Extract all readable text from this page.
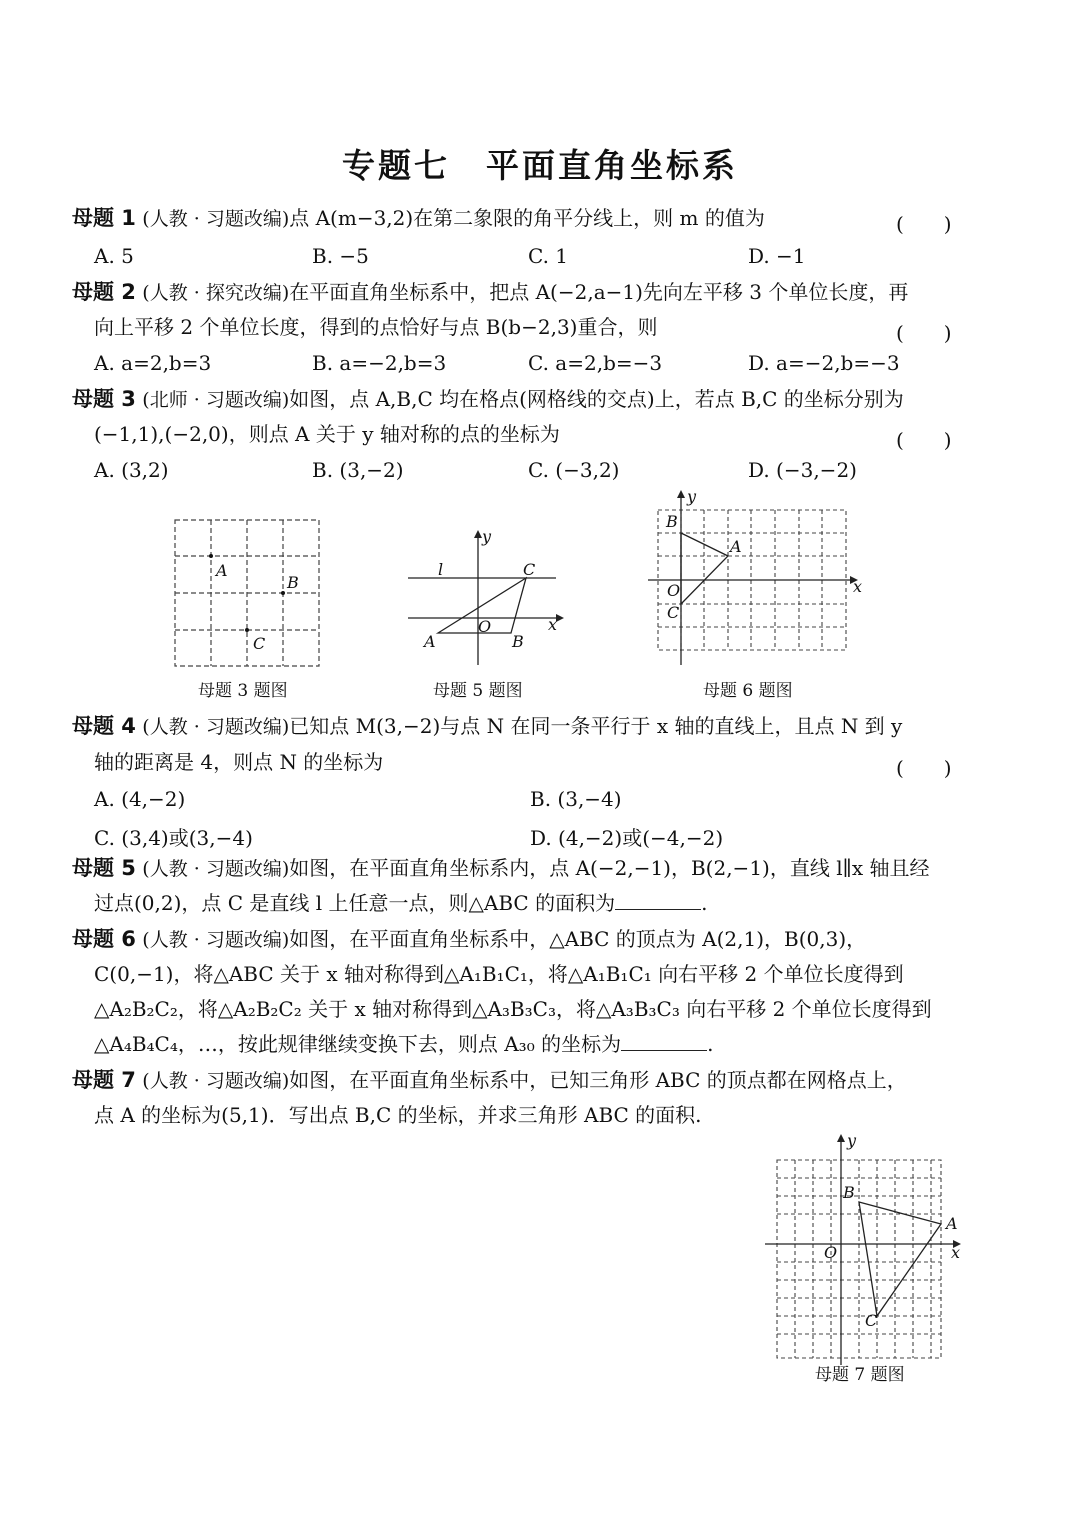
专题七　平面直角坐标系
母题 1 (人教 · 习题改编)点 A(m−3,2)在第二象限的角平分线上，则 m 的值为	(　　)
A. 5	B. −5	C. 1	D. −1
母题 2 (人教 · 探究改编)在平面直角坐标系中，把点 A(−2,a−1)先向左平移 3 个单位长度，再
向上平移 2 个单位长度，得到的点恰好与点 B(b−2,3)重合，则	(　　)
A. a=2,b=3	B. a=−2,b=3	C. a=2,b=−3	D. a=−2,b=−3
母题 3 (北师 · 习题改编)如图，点 A,B,C 均在格点(网格线的交点)上，若点 B,C 的坐标分别为
(−1,1),(−2,0)，则点 A 关于 y 轴对称的点的坐标为	(　　)
A. (3,2)	B. (3,−2)	C. (−3,2)	D. (−3,−2)
A
B
C
母题 3 题图
l	C
O
A	B
x
y
母题 5 题图
B
A
O
C
x
y
母题 6 题图
母题 4 (人教 · 习题改编)已知点 M(3,−2)与点 N 在同一条平行于 x 轴的直线上，且点 N 到 y
轴的距离是 4，则点 N 的坐标为	(　　)
A. (4,−2)	B. (3,−4)
C. (3,4)或(3,−4)	D. (4,−2)或(−4,−2)
母题 5 (人教 · 习题改编)如图，在平面直角坐标系内，点 A(−2,−1)，B(2,−1)，直线 l∥x 轴且经
过点(0,2)，点 C 是直线 l 上任意一点，则△ABC 的面积为	.
母题 6 (人教 · 习题改编)如图，在平面直角坐标系中，△ABC 的顶点为 A(2,1)，B(0,3)，
C(0,−1)，将△ABC 关于 x 轴对称得到△A₁B₁C₁，将△A₁B₁C₁ 向右平移 2 个单位长度得到
△A₂B₂C₂，将△A₂B₂C₂ 关于 x 轴对称得到△A₃B₃C₃，将△A₃B₃C₃ 向右平移 2 个单位长度得到
△A₄B₄C₄，…，按此规律继续变换下去，则点 A₃₀ 的坐标为	.
母题 7 (人教 · 习题改编)如图，在平面直角坐标系中，已知三角形 ABC 的顶点都在网格点上，
点 A 的坐标为(5,1)．写出点 B,C 的坐标，并求三角形 ABC 的面积.
B
A
O
C
x
y
母题 7 题图
